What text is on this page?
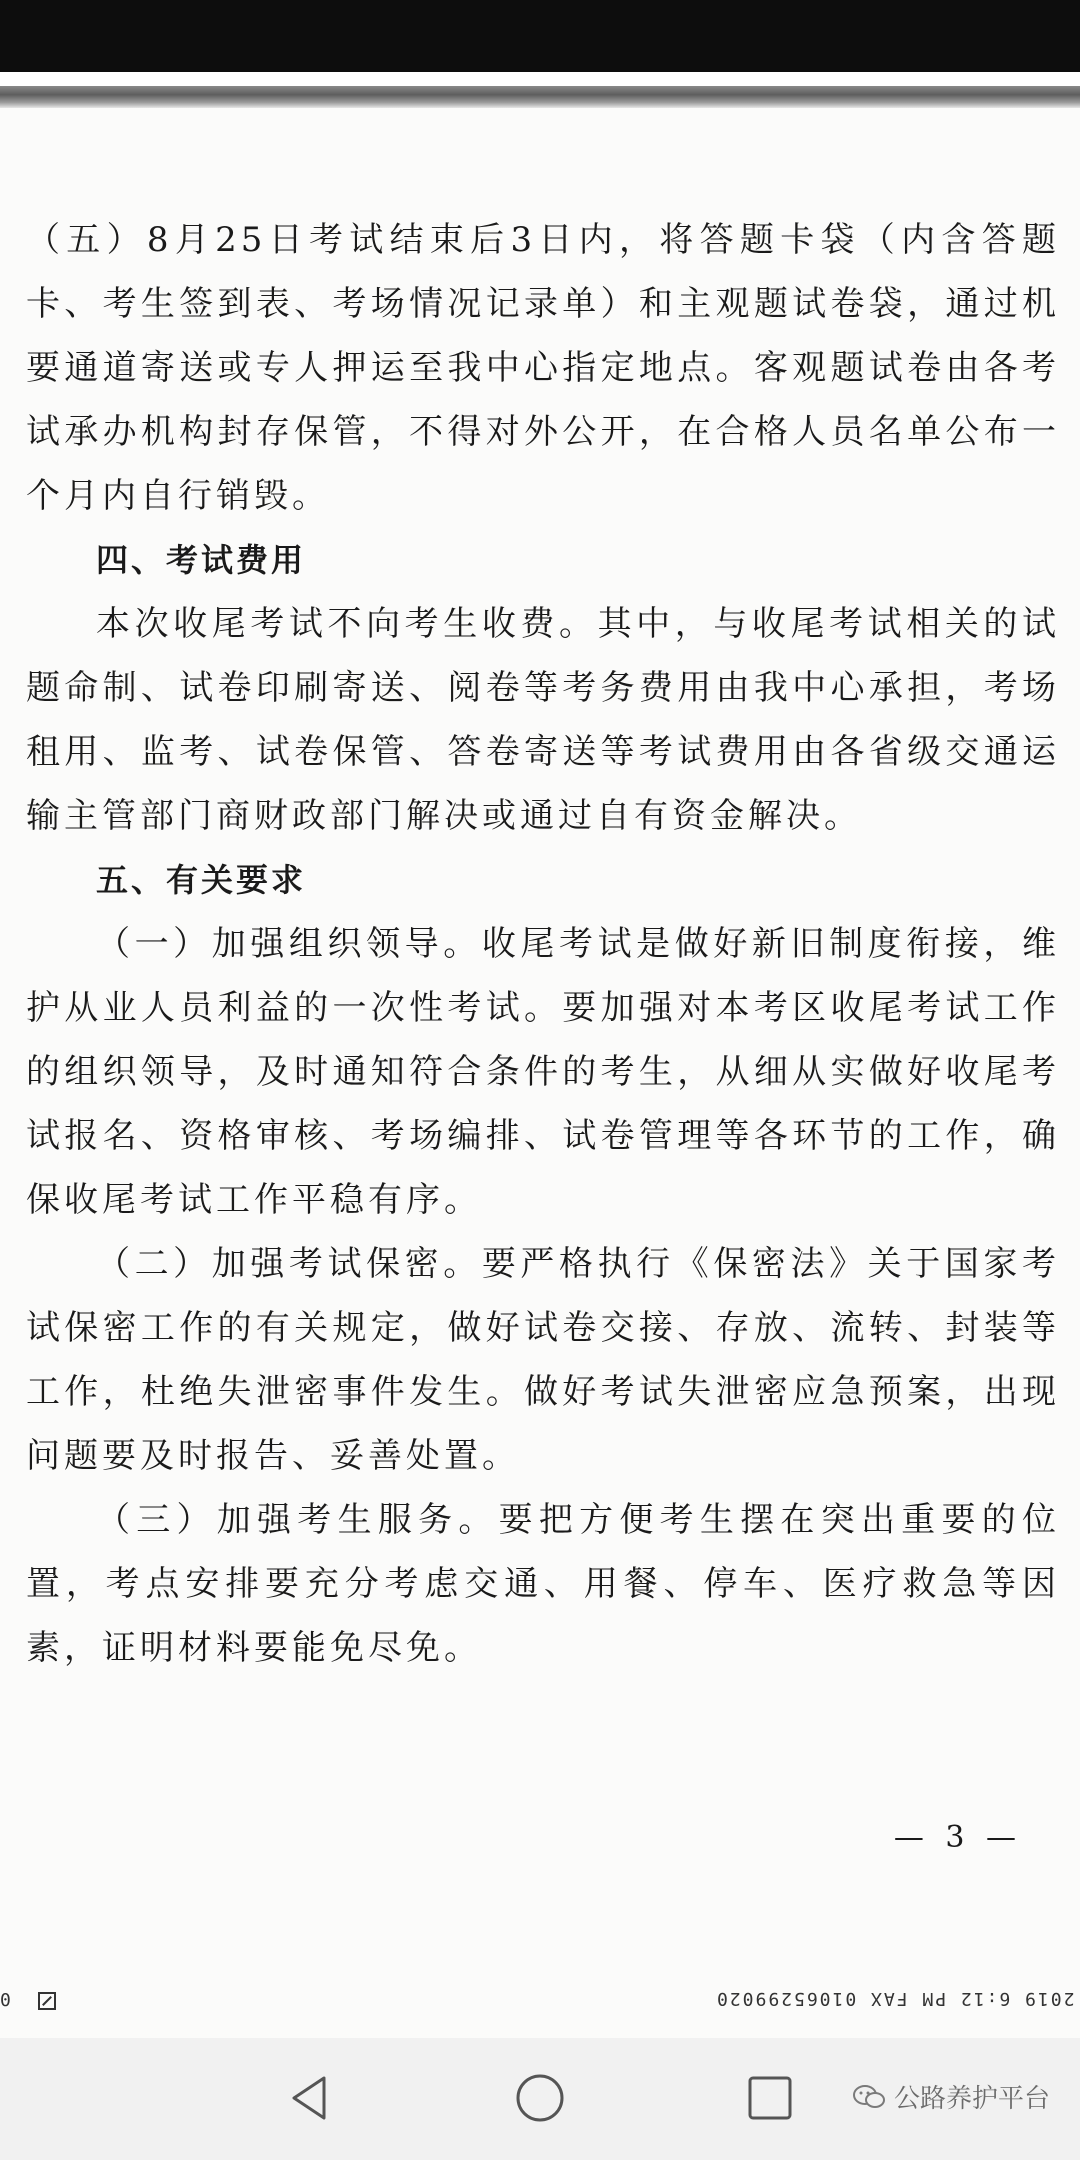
（五）8月25日考试结束后3日内，将答题卡袋（内含答题卡、考生签到表、考场情况记录单）和主观题试卷袋，通过机要通道寄送或专人押运至我中心指定地点。客观题试卷由各考试承办机构封存保管，不得对外公开，在合格人员名单公布一个月内自行销毁。

四、考试费用

本次收尾考试不向考生收费。其中，与收尾考试相关的试题命制、试卷印刷寄送、阅卷等考务费用由我中心承担，考场租用、监考、试卷保管、答卷寄送等考试费用由各省级交通运输主管部门商财政部门解决或通过自有资金解决。

五、有关要求

（一）加强组织领导。收尾考试是做好新旧制度衔接，维护从业人员利益的一次性考试。要加强对本考区收尾考试工作的组织领导，及时通知符合条件的考生，从细从实做好收尾考试报名、资格审核、考场编排、试卷管理等各环节的工作，确保收尾考试工作平稳有序。

（二）加强考试保密。要严格执行《保密法》关于国家考试保密工作的有关规定，做好试卷交接、存放、流转、封装等工作，杜绝失泄密事件发生。做好考试失泄密应急预案，出现问题要及时报告、妥善处置。

（三）加强考生服务。要把方便考生摆在突出重要的位置，考点安排要充分考虑交通、用餐、停车、医疗救急等因素，证明材料要能免尽免。

— 3 —
0	2019 6:12 PM FAX 01065299020
公路养护平台
